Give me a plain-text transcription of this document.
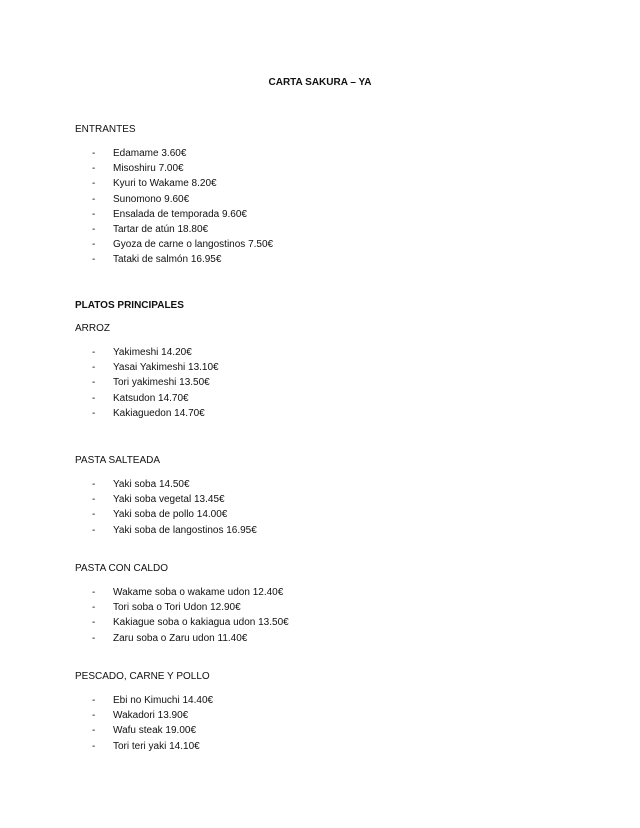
CARTA SAKURA – YA

ENTRANTES

- Edamame 3.60€
- Misoshiru 7.00€
- Kyuri to Wakame 8.20€
- Sunomono 9.60€
- Ensalada de temporada 9.60€
- Tartar de atún 18.80€
- Gyoza de carne o langostinos 7.50€
- Tataki de salmón 16.95€

PLATOS PRINCIPALES

ARROZ

- Yakimeshi 14.20€
- Yasai Yakimeshi 13.10€
- Tori yakimeshi 13.50€
- Katsudon 14.70€
- Kakiaguedon 14.70€

PASTA SALTEADA

- Yaki soba 14.50€
- Yaki soba vegetal 13.45€
- Yaki soba de pollo 14.00€
- Yaki soba de langostinos 16.95€

PASTA CON CALDO

- Wakame soba o wakame udon 12.40€
- Tori soba o Tori Udon 12.90€
- Kakiague soba o kakiagua udon 13.50€
- Zaru soba o Zaru udon 11.40€

PESCADO, CARNE Y POLLO

- Ebi no Kimuchi 14.40€
- Wakadori 13.90€
- Wafu steak 19.00€
- Tori teri yaki 14.10€
